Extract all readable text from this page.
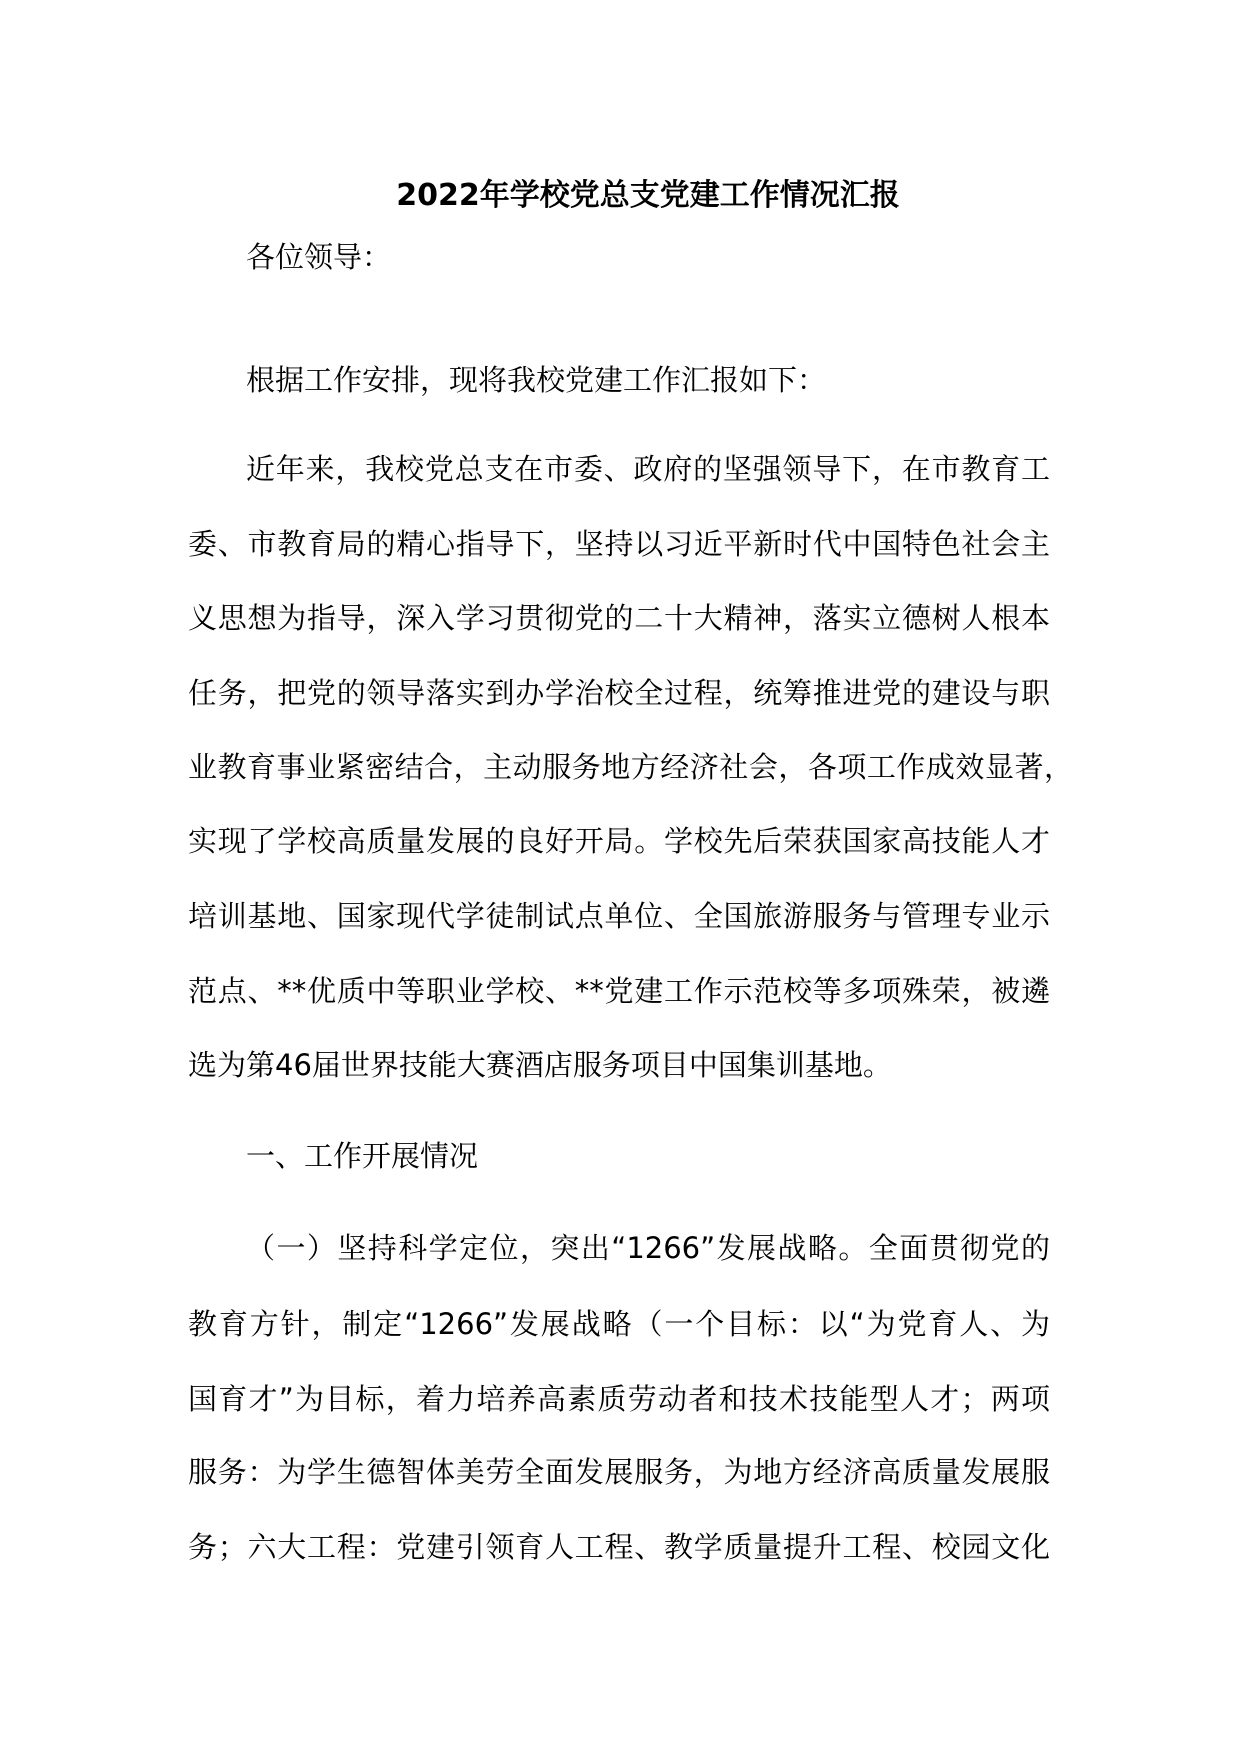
2022年学校党总支党建工作情况汇报
各位领导：
根据工作安排，现将我校党建工作汇报如下：
近年来，我校党总支在市委、政府的坚强领导下，在市教育工
委、市教育局的精心指导下，坚持以习近平新时代中国特色社会主
义思想为指导，深入学习贯彻党的二十大精神，落实立德树人根本
任务，把党的领导落实到办学治校全过程，统筹推进党的建设与职
业教育事业紧密结合，主动服务地方经济社会，各项工作成效显著，
实现了学校高质量发展的良好开局。学校先后荣获国家高技能人才
培训基地、国家现代学徒制试点单位、全国旅游服务与管理专业示
范点、**优质中等职业学校、**党建工作示范校等多项殊荣，被遴
选为第46届世界技能大赛酒店服务项目中国集训基地。
一、工作开展情况
（一）坚持科学定位，突出“1266”发展战略。全面贯彻党的
教育方针，制定“1266”发展战略（一个目标：以“为党育人、为
国育才”为目标，着力培养高素质劳动者和技术技能型人才；两项
服务：为学生德智体美劳全面发展服务，为地方经济高质量发展服
务；六大工程：党建引领育人工程、教学质量提升工程、校园文化
